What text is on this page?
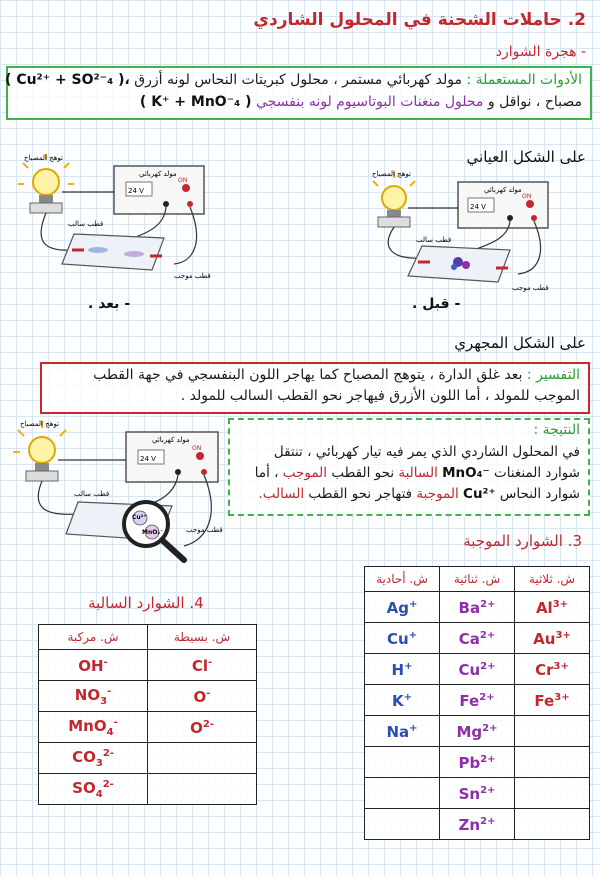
2. حاملات الشحنة في المحلول الشاردي
- هجرة الشوارد
الأدوات المستعملة : مولد كهربائي مستمر ، محلول كبريتات النحاس لونه أزرق ( Cu²⁺ + SO²⁻₄ )،
مصباح ، نواقل و محلول منغنات البوتاسيوم لونه بنفسجي ( K⁺ + MnO⁻₄ )
على الشكل العياني
توهج المصباح
مولد كهربائي
24 V
ON
قطب سالب
قطب موجب
توهج المصباح
مولد كهربائي
24 V
ON
قطب سالب
قطب موجب
- بعد .	- قبل .
على الشكل المجهري
التفسير : بعد غلق الدارة ، يتوهج المصباح كما يهاجر اللون البنفسجي في جهة القطب
الموجب للمولد ، أما اللون الأزرق فيهاجر نحو القطب السالب للمولد .
توهج المصباح
مولد كهربائي
24 V
ON
Cu²⁺
MnO₄⁻
قطب سالب
قطب موجب
النتيجة :
في المحلول الشاردي الذي يمر فيه تيار كهربائي ، تنتقل
شوارد المنغنات MnO₄⁻ السالبة نحو القطب الموجب ، أما
شوارد النحاس Cu²⁺ الموجبة فتهاجر نحو القطب السالب.
3. الشوارد الموجبة
ش. أحادية	ش. ثنائية	ش. ثلاثية
Ag+	$Ba^{2+}$	$Al^{3+}$
Cu+	$Ca^{2+}$	$Au^{3+}$
H+	$Cu^{2+}$	$Cr^{3+}$
K+	$Fe^{2+}$	$Fe^{3+}$
Na+	$Mg^{2+}$	
	$Pb^{2+}$	
	$Sn^{2+}$	
	$Zn^{2+}$	
4. الشوارد السالبة
ش. مركبة	ش. بسيطة
OH-	Cl-
$NO_3^-$	O-
MnO$_4$-	$O^{2-}$
$CO_3^{2-}$	
$SO_4^{2-}$	
